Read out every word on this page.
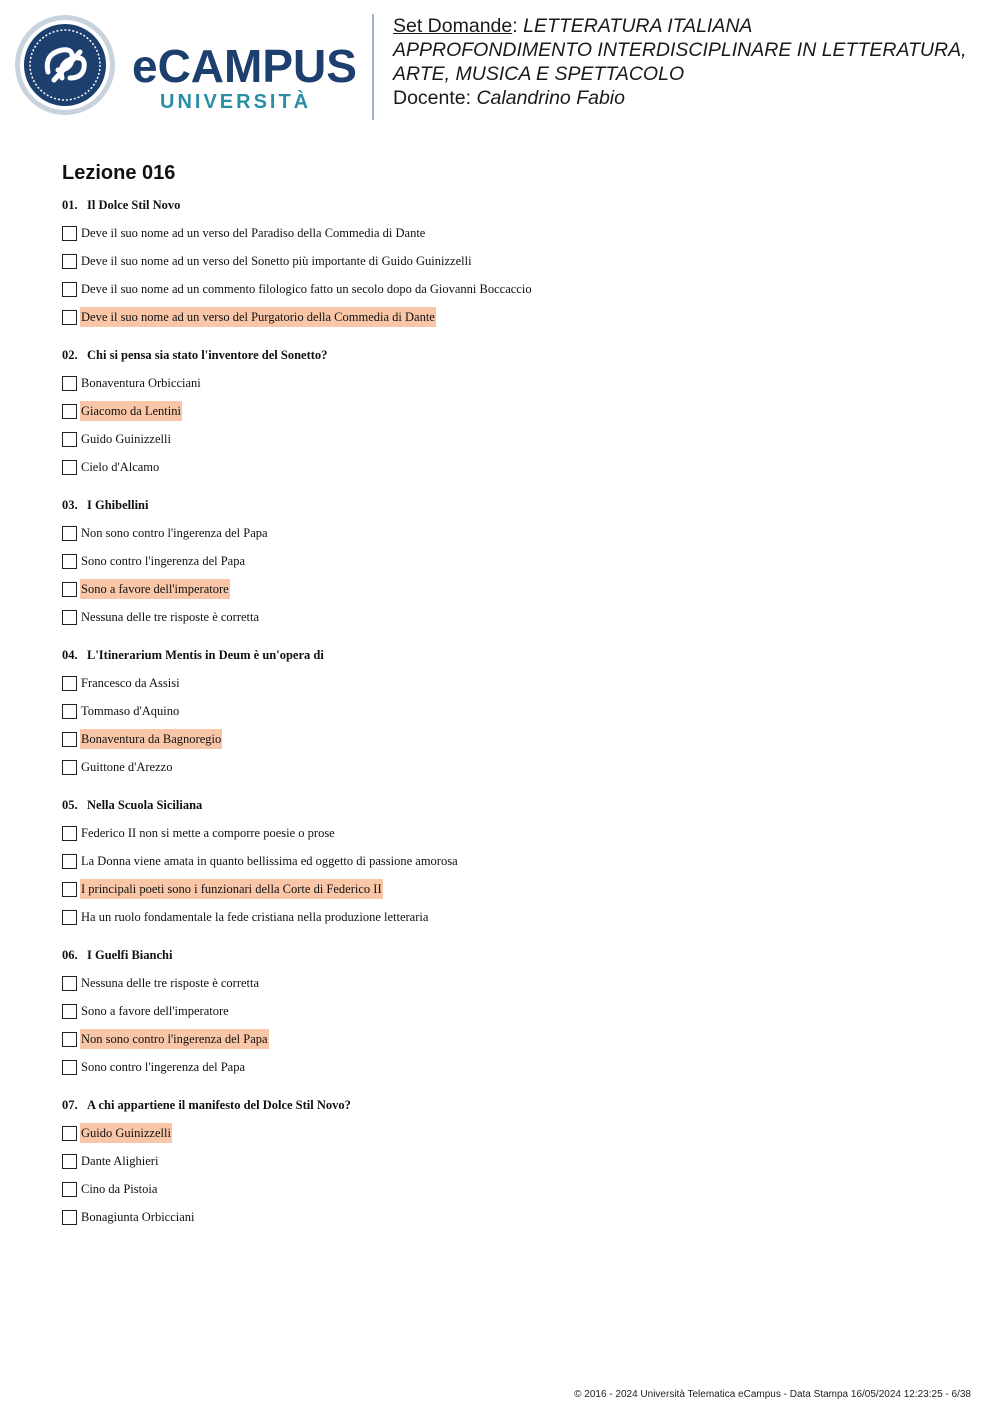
eCAMPUS
UNIVERSITÀ
Set Domande: LETTERATURA ITALIANA
APPROFONDIMENTO INTERDISCIPLINARE IN LETTERATURA,
ARTE, MUSICA E SPETTACOLO
Docente: Calandrino Fabio
Lezione 016
01. Il Dolce Stil Novo
Deve il suo nome ad un verso del Paradiso della Commedia di Dante
Deve il suo nome ad un verso del Sonetto più importante di Guido Guinizzelli
Deve il suo nome ad un commento filologico fatto un secolo dopo da Giovanni Boccaccio
Deve il suo nome ad un verso del Purgatorio della Commedia di Dante
02. Chi si pensa sia stato l'inventore del Sonetto?
Bonaventura Orbicciani
Giacomo da Lentini
Guido Guinizzelli
Cielo d'Alcamo
03. I Ghibellini
Non sono contro l'ingerenza del Papa
Sono contro l'ingerenza del Papa
Sono a favore dell'imperatore
Nessuna delle tre risposte è corretta
04. L'Itinerarium Mentis in Deum è un'opera di
Francesco da Assisi
Tommaso d'Aquino
Bonaventura da Bagnoregio
Guittone d'Arezzo
05. Nella Scuola Siciliana
Federico II non si mette a comporre poesie o prose
La Donna viene amata in quanto bellissima ed oggetto di passione amorosa
I principali poeti sono i funzionari della Corte di Federico II
Ha un ruolo fondamentale la fede cristiana nella produzione letteraria
06. I Guelfi Bianchi
Nessuna delle tre risposte è corretta
Sono a favore dell'imperatore
Non sono contro l'ingerenza del Papa
Sono contro l'ingerenza del Papa
07. A chi appartiene il manifesto del Dolce Stil Novo?
Guido Guinizzelli
Dante Alighieri
Cino da Pistoia
Bonagiunta Orbicciani
© 2016 - 2024 Università Telematica eCampus - Data Stampa 16/05/2024 12:23:25 - 6/38
